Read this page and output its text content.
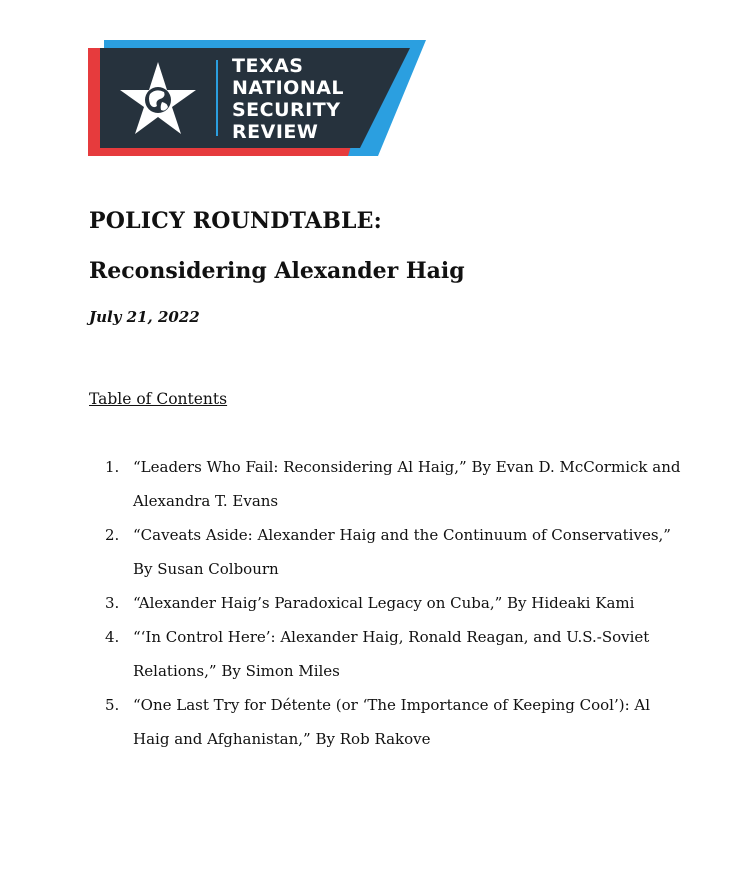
TEXAS
NATIONAL
SECURITY
REVIEW
POLICY ROUNDTABLE:
Reconsidering Alexander Haig

July 21, 2022

Table of Contents

1. “Leaders Who Fail: Reconsidering Al Haig,” By Evan D. McCormick and
Alexandra T. Evans
2. “Caveats Aside: Alexander Haig and the Continuum of Conservatives,”
By Susan Colbourn
3. “Alexander Haig’s Paradoxical Legacy on Cuba,” By Hideaki Kami
4. “‘In Control Here’: Alexander Haig, Ronald Reagan, and U.S.-Soviet
Relations,” By Simon Miles
5. “One Last Try for Détente (or ‘The Importance of Keeping Cool’): Al
Haig and Afghanistan,” By Rob Rakove
